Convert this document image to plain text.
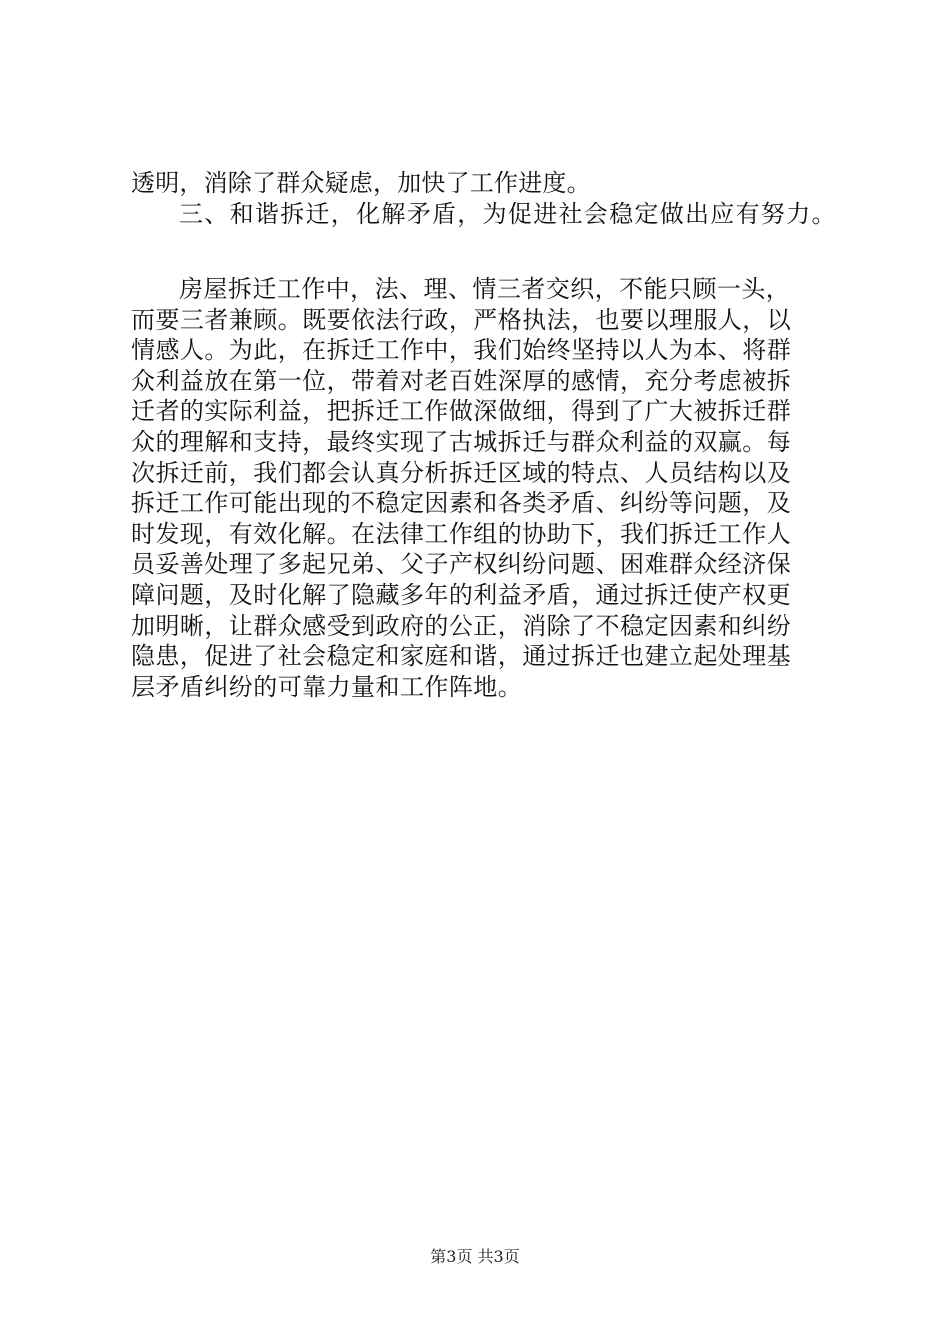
透明，消除了群众疑虑，加快了工作进度。
三、和谐拆迁，化解矛盾，为促进社会稳定做出应有努力。
房屋拆迁工作中，法、理、情三者交织，不能只顾一头，
而要三者兼顾。既要依法行政，严格执法，也要以理服人，以
情感人。为此，在拆迁工作中，我们始终坚持以人为本、将群
众利益放在第一位，带着对老百姓深厚的感情，充分考虑被拆
迁者的实际利益，把拆迁工作做深做细，得到了广大被拆迁群
众的理解和支持，最终实现了古城拆迁与群众利益的双赢。每
次拆迁前，我们都会认真分析拆迁区域的特点、人员结构以及
拆迁工作可能出现的不稳定因素和各类矛盾、纠纷等问题，及
时发现，有效化解。在法律工作组的协助下，我们拆迁工作人
员妥善处理了多起兄弟、父子产权纠纷问题、困难群众经济保
障问题，及时化解了隐藏多年的利益矛盾，通过拆迁使产权更
加明晰，让群众感受到政府的公正，消除了不稳定因素和纠纷
隐患，促进了社会稳定和家庭和谐，通过拆迁也建立起处理基
层矛盾纠纷的可靠力量和工作阵地。
第3页 共3页
